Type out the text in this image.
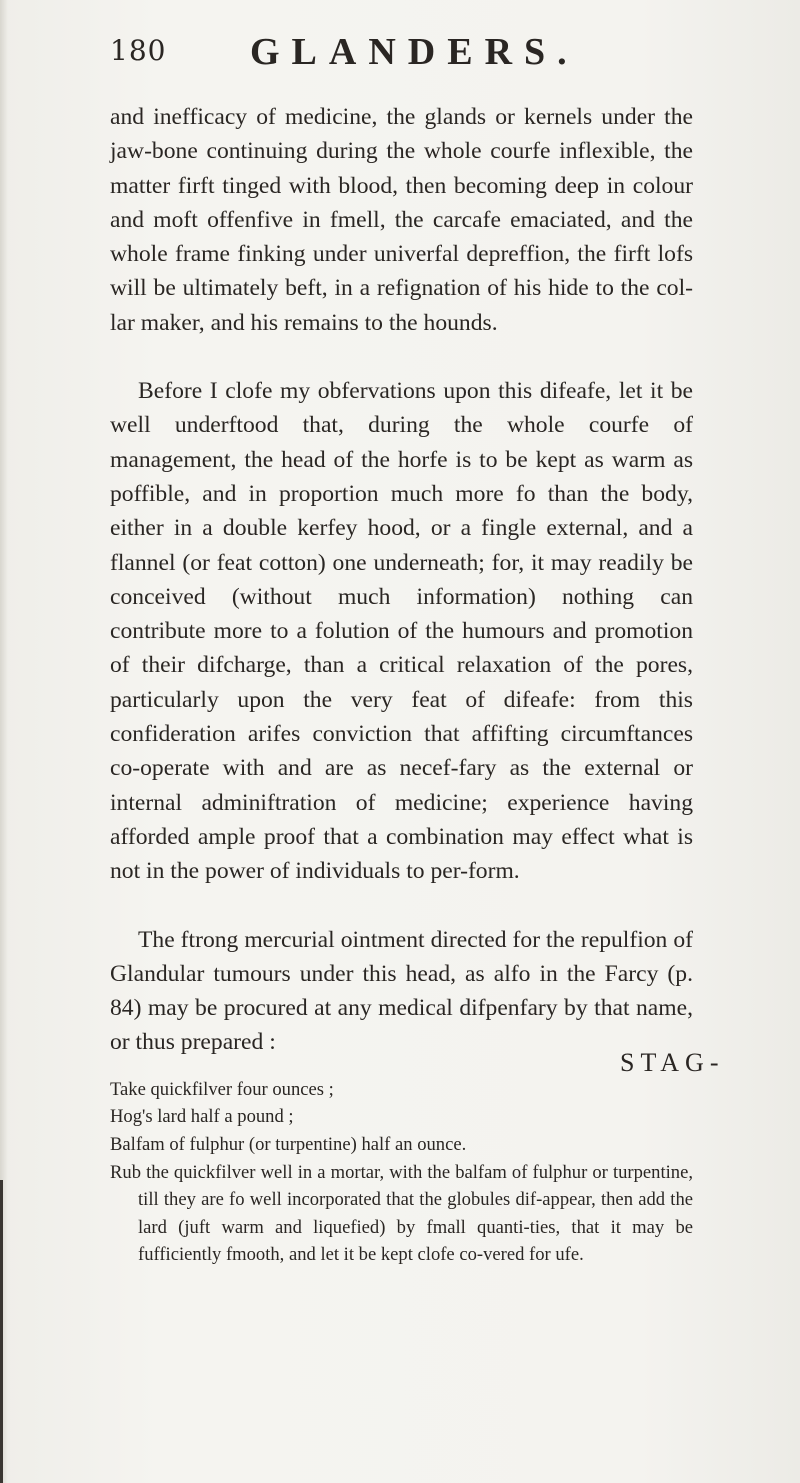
180 GLANDERS.

and inefficacy of medicine, the glands or kernels under the jaw-bone continuing during the whole courfe inflexible, the matter firft tinged with blood, then becoming deep in colour and moft offenfive in fmell, the carcafe emaciated, and the whole frame finking under univerfal depreffion, the firft lofs will be ultimately beft, in a refignation of his hide to the col-lar maker, and his remains to the hounds.

Before I clofe my obfervations upon this difeafe, let it be well underftood that, during the whole courfe of management, the head of the horfe is to be kept as warm as poffible, and in proportion much more fo than the body, either in a double kerfey hood, or a fingle external, and a flannel (or feat cotton) one underneath; for, it may readily be conceived (without much information) nothing can contribute more to a folution of the humours and promotion of their difcharge, than a critical relaxation of the pores, particularly upon the very feat of difeafe: from this confideration arifes conviction that affifting circumftances co-operate with and are as necef-fary as the external or internal adminiftration of medicine; experience having afforded ample proof that a combination may effect what is not in the power of individuals to per-form.

The ftrong mercurial ointment directed for the repulfion of Glandular tumours under this head, as alfo in the Farcy (p. 84) may be procured at any medical difpenfary by that name, or thus prepared :

Take quickfilver four ounces ;
Hog's lard half a pound ;
Balfam of fulphur (or turpentine) half an ounce.
Rub the quickfilver well in a mortar, with the balfam of fulphur or turpentine, till they are fo well incorporated that the globules dif-appear, then add the lard (juft warm and liquefied) by fmall quanti-ties, that it may be fufficiently fmooth, and let it be kept clofe co-vered for ufe.
STAG-
